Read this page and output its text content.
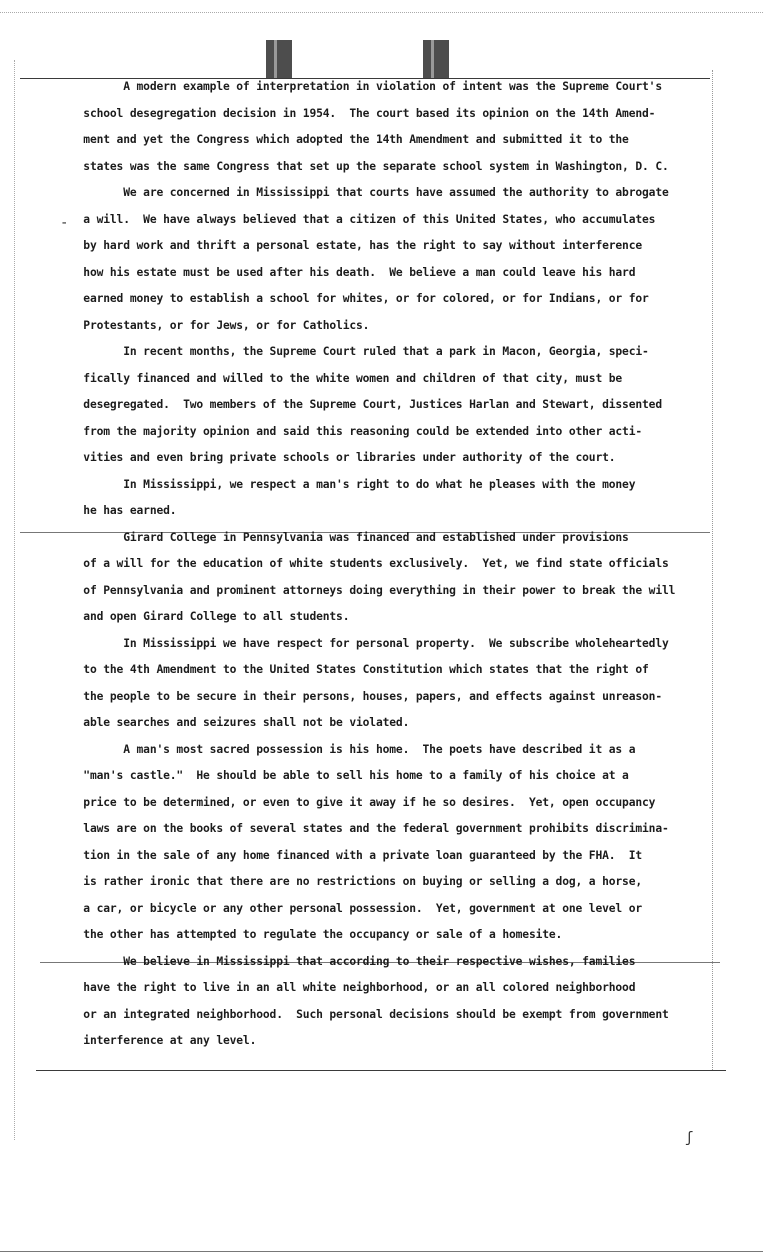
-
ʃ
A modern example of interpretation in violation of intent was the Supreme Court's
school desegregation decision in 1954.  The court based its opinion on the 14th Amend-
ment and yet the Congress which adopted the 14th Amendment and submitted it to the
states was the same Congress that set up the separate school system in Washington, D. C.
We are concerned in Mississippi that courts have assumed the authority to abrogate
a will.  We have always believed that a citizen of this United States, who accumulates
by hard work and thrift a personal estate, has the right to say without interference
how his estate must be used after his death.  We believe a man could leave his hard
earned money to establish a school for whites, or for colored, or for Indians, or for
Protestants, or for Jews, or for Catholics.
In recent months, the Supreme Court ruled that a park in Macon, Georgia, speci-
fically financed and willed to the white women and children of that city, must be
desegregated.  Two members of the Supreme Court, Justices Harlan and Stewart, dissented
from the majority opinion and said this reasoning could be extended into other acti-
vities and even bring private schools or libraries under authority of the court.
In Mississippi, we respect a man's right to do what he pleases with the money
he has earned.
Girard College in Pennsylvania was financed and established under provisions
of a will for the education of white students exclusively.  Yet, we find state officials
of Pennsylvania and prominent attorneys doing everything in their power to break the will
and open Girard College to all students.
In Mississippi we have respect for personal property.  We subscribe wholeheartedly
to the 4th Amendment to the United States Constitution which states that the right of
the people to be secure in their persons, houses, papers, and effects against unreason-
able searches and seizures shall not be violated.
A man's most sacred possession is his home.  The poets have described it as a
"man's castle."  He should be able to sell his home to a family of his choice at a
price to be determined, or even to give it away if he so desires.  Yet, open occupancy
laws are on the books of several states and the federal government prohibits discrimina-
tion in the sale of any home financed with a private loan guaranteed by the FHA.  It
is rather ironic that there are no restrictions on buying or selling a dog, a horse,
a car, or bicycle or any other personal possession.  Yet, government at one level or
the other has attempted to regulate the occupancy or sale of a homesite.
We believe in Mississippi that according to their respective wishes, families
have the right to live in an all white neighborhood, or an all colored neighborhood
or an integrated neighborhood.  Such personal decisions should be exempt from government
interference at any level.
